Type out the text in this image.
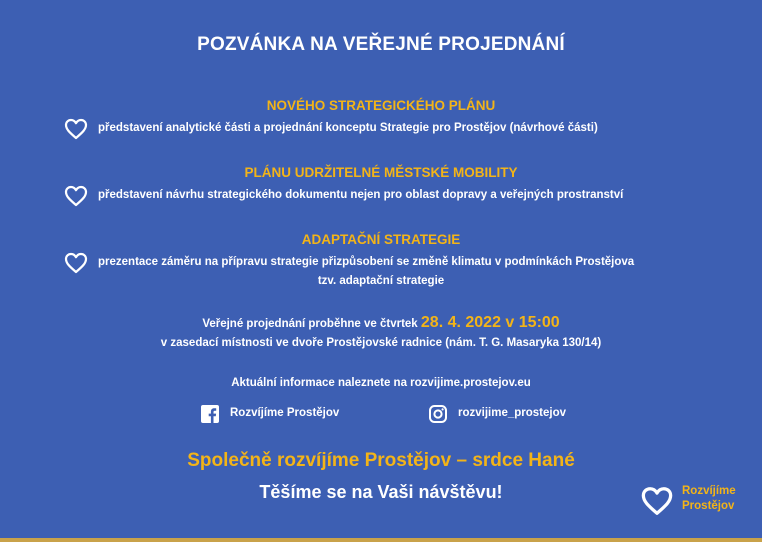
POZVÁNKA NA VEŘEJNÉ PROJEDNÁNÍ
NOVÉHO STRATEGICKÉHO PLÁNU
představení analytické části a projednání konceptu Strategie pro Prostějov (návrhové části)
PLÁNU UDRŽITELNÉ MĚSTSKÉ MOBILITY
představení návrhu strategického dokumentu nejen pro oblast dopravy a veřejných prostranství
ADAPTAČNÍ STRATEGIE
prezentace záměru na přípravu strategie přizpůsobení se změně klimatu v podmínkách Prostějova
tzv. adaptační strategie
Veřejné projednání proběhne ve čtvrtek 28. 4. 2022 v 15:00
v zasedací místnosti ve dvoře Prostějovské radnice (nám. T. G. Masaryka 130/14)
Aktuální informace naleznete na rozvijime.prostejov.eu
Rozvíjíme Prostějov	rozvijime_prostejov
Společně rozvíjíme Prostějov – srdce Hané
Těšíme se na Vaši návštěvu!	Rozvíjíme
Prostějov
